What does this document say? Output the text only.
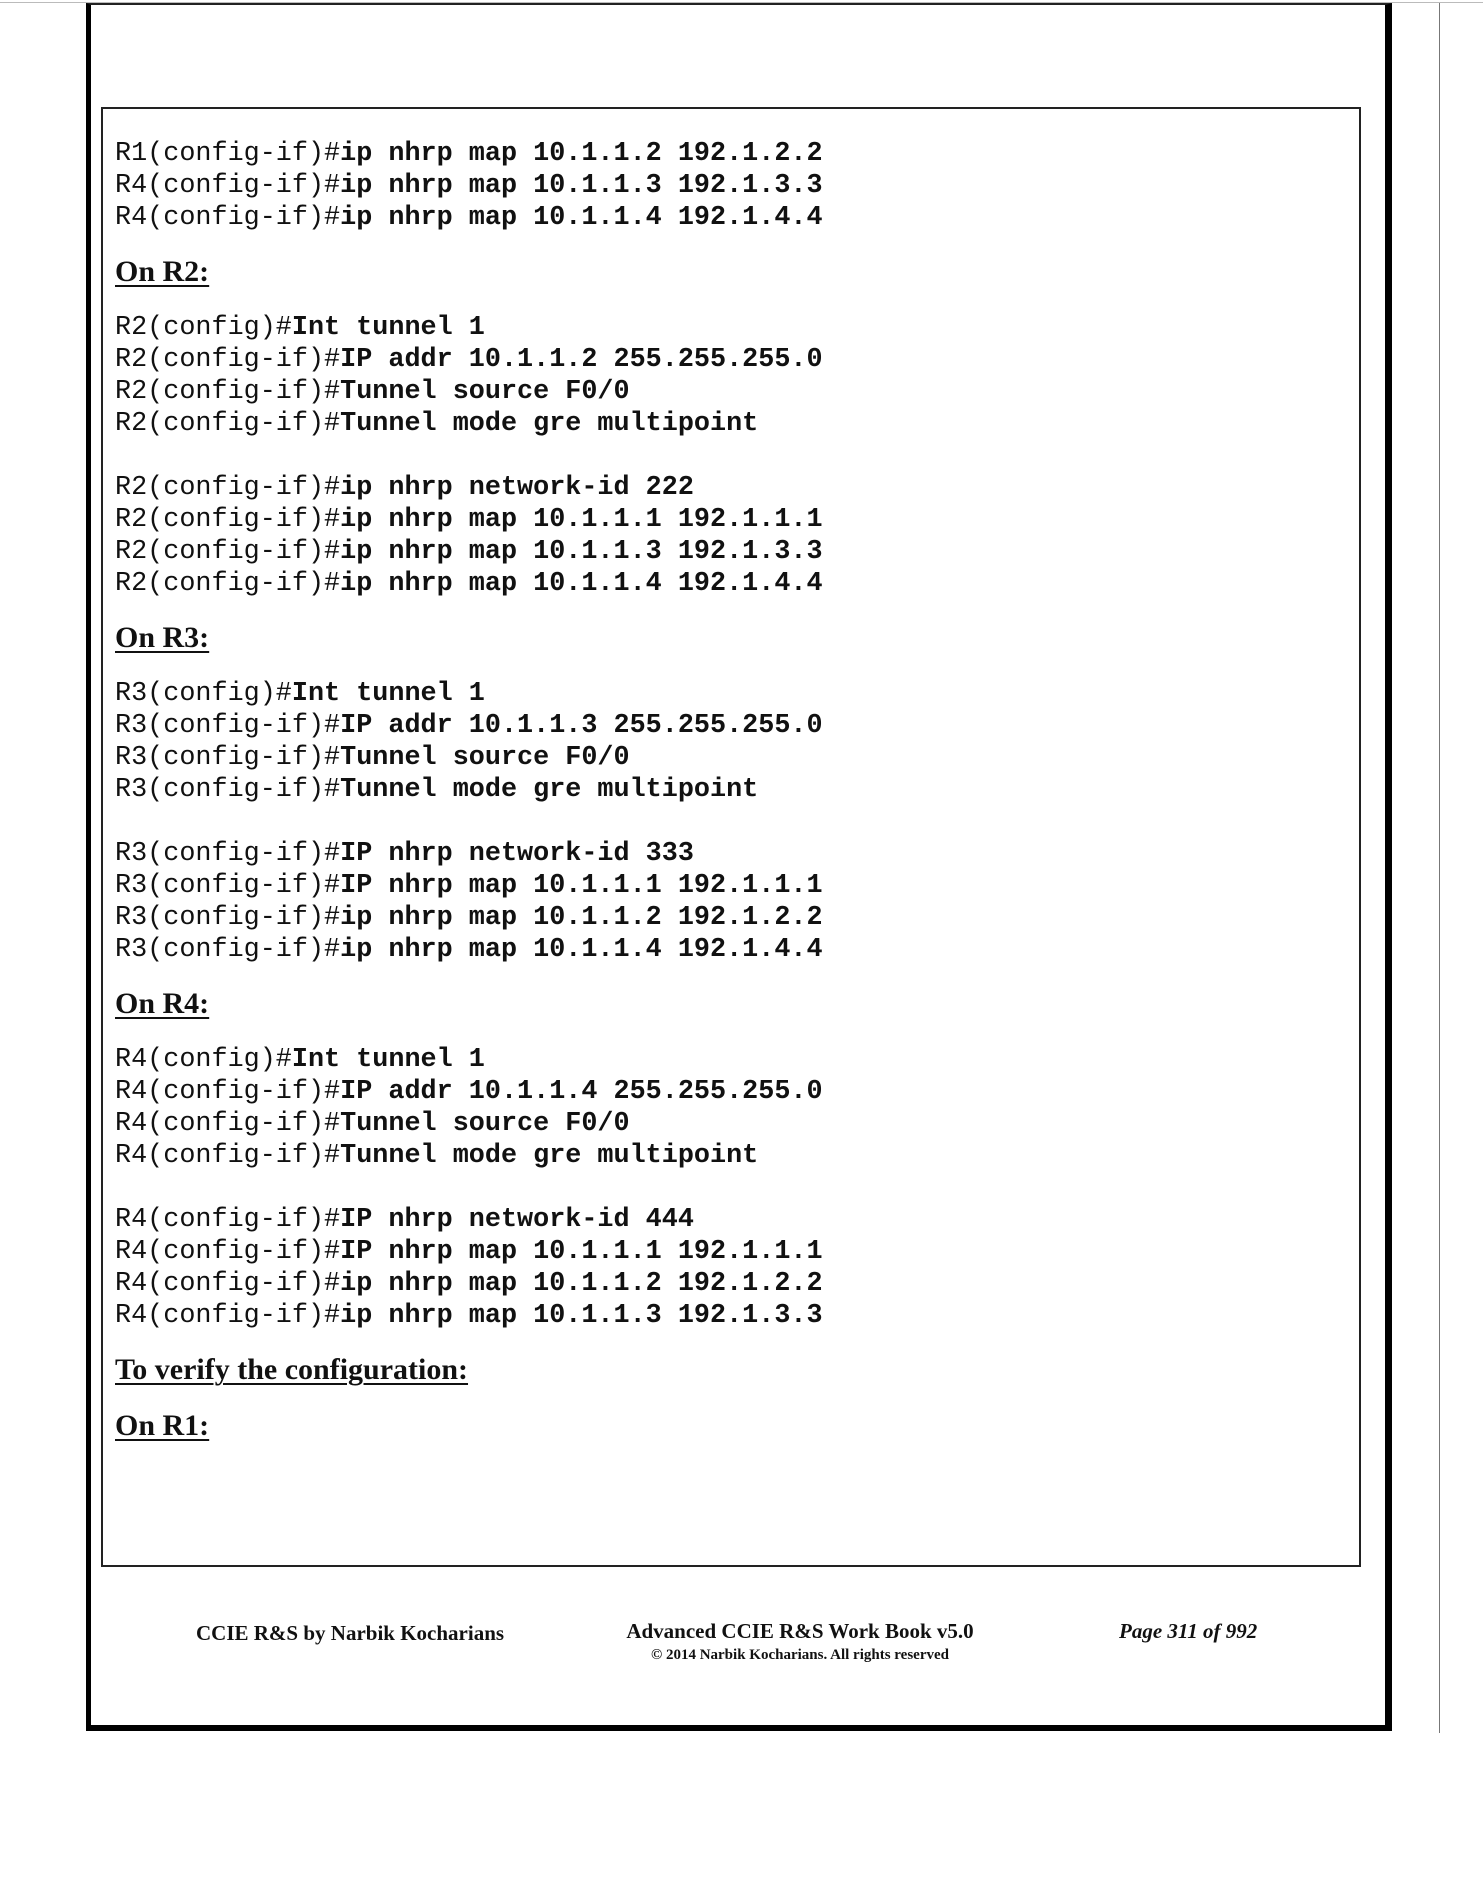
R1(config-if)#ip nhrp map 10.1.1.2 192.1.2.2
R4(config-if)#ip nhrp map 10.1.1.3 192.1.3.3
R4(config-if)#ip nhrp map 10.1.1.4 192.1.4.4
On R2:
R2(config)#Int tunnel 1
R2(config-if)#IP addr 10.1.1.2 255.255.255.0
R2(config-if)#Tunnel source F0/0
R2(config-if)#Tunnel mode gre multipoint
R2(config-if)#ip nhrp network-id 222
R2(config-if)#ip nhrp map 10.1.1.1 192.1.1.1
R2(config-if)#ip nhrp map 10.1.1.3 192.1.3.3
R2(config-if)#ip nhrp map 10.1.1.4 192.1.4.4
On R3:
R3(config)#Int tunnel 1
R3(config-if)#IP addr 10.1.1.3 255.255.255.0
R3(config-if)#Tunnel source F0/0
R3(config-if)#Tunnel mode gre multipoint
R3(config-if)#IP nhrp network-id 333
R3(config-if)#IP nhrp map 10.1.1.1 192.1.1.1
R3(config-if)#ip nhrp map 10.1.1.2 192.1.2.2
R3(config-if)#ip nhrp map 10.1.1.4 192.1.4.4
On R4:
R4(config)#Int tunnel 1
R4(config-if)#IP addr 10.1.1.4 255.255.255.0
R4(config-if)#Tunnel source F0/0
R4(config-if)#Tunnel mode gre multipoint
R4(config-if)#IP nhrp network-id 444
R4(config-if)#IP nhrp map 10.1.1.1 192.1.1.1
R4(config-if)#ip nhrp map 10.1.1.2 192.1.2.2
R4(config-if)#ip nhrp map 10.1.1.3 192.1.3.3
To verify the configuration:
On R1:
CCIE R&S by Narbik Kocharians	Advanced CCIE R&S Work Book v5.0
© 2014 Narbik Kocharians. All rights reserved
Page 311 of 992
